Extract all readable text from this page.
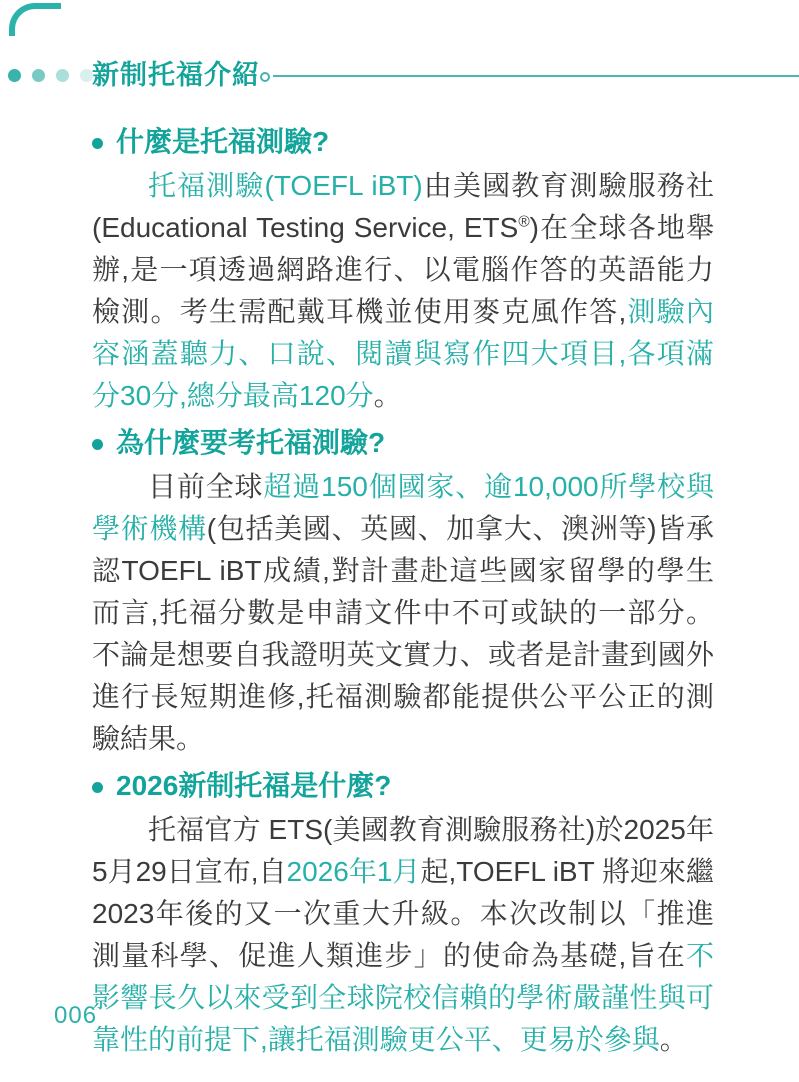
新制托福介紹
什麼是托福測驗?

托福測驗(TOEFL iBT)由美國教育測驗服務社(Educational Testing Service, ETS®)在全球各地舉辦,是一項透過網路進行、以電腦作答的英語能力檢測。考生需配戴耳機並使用麥克風作答,測驗內容涵蓋聽力、口說、閱讀與寫作四大項目,各項滿分30分,總分最高120分。

為什麼要考托福測驗?

目前全球超過150個國家、逾10,000所學校與學術機構(包括美國、英國、加拿大、澳洲等)皆承認TOEFL iBT成績,對計畫赴這些國家留學的學生而言,托福分數是申請文件中不可或缺的一部分。不論是想要自我證明英文實力、或者是計畫到國外進行長短期進修,托福測驗都能提供公平公正的測驗結果。

2026新制托福是什麼?

托福官方 ETS(美國教育測驗服務社)於2025年5月29日宣布,自2026年1月起,TOEFL iBT 將迎來繼2023年後的又一次重大升級。本次改制以「推進測量科學、促進人類進步」的使命為基礎,旨在不影響長久以來受到全球院校信賴的學術嚴謹性與可靠性的前提下,讓托福測驗更公平、更易於參與。

006
